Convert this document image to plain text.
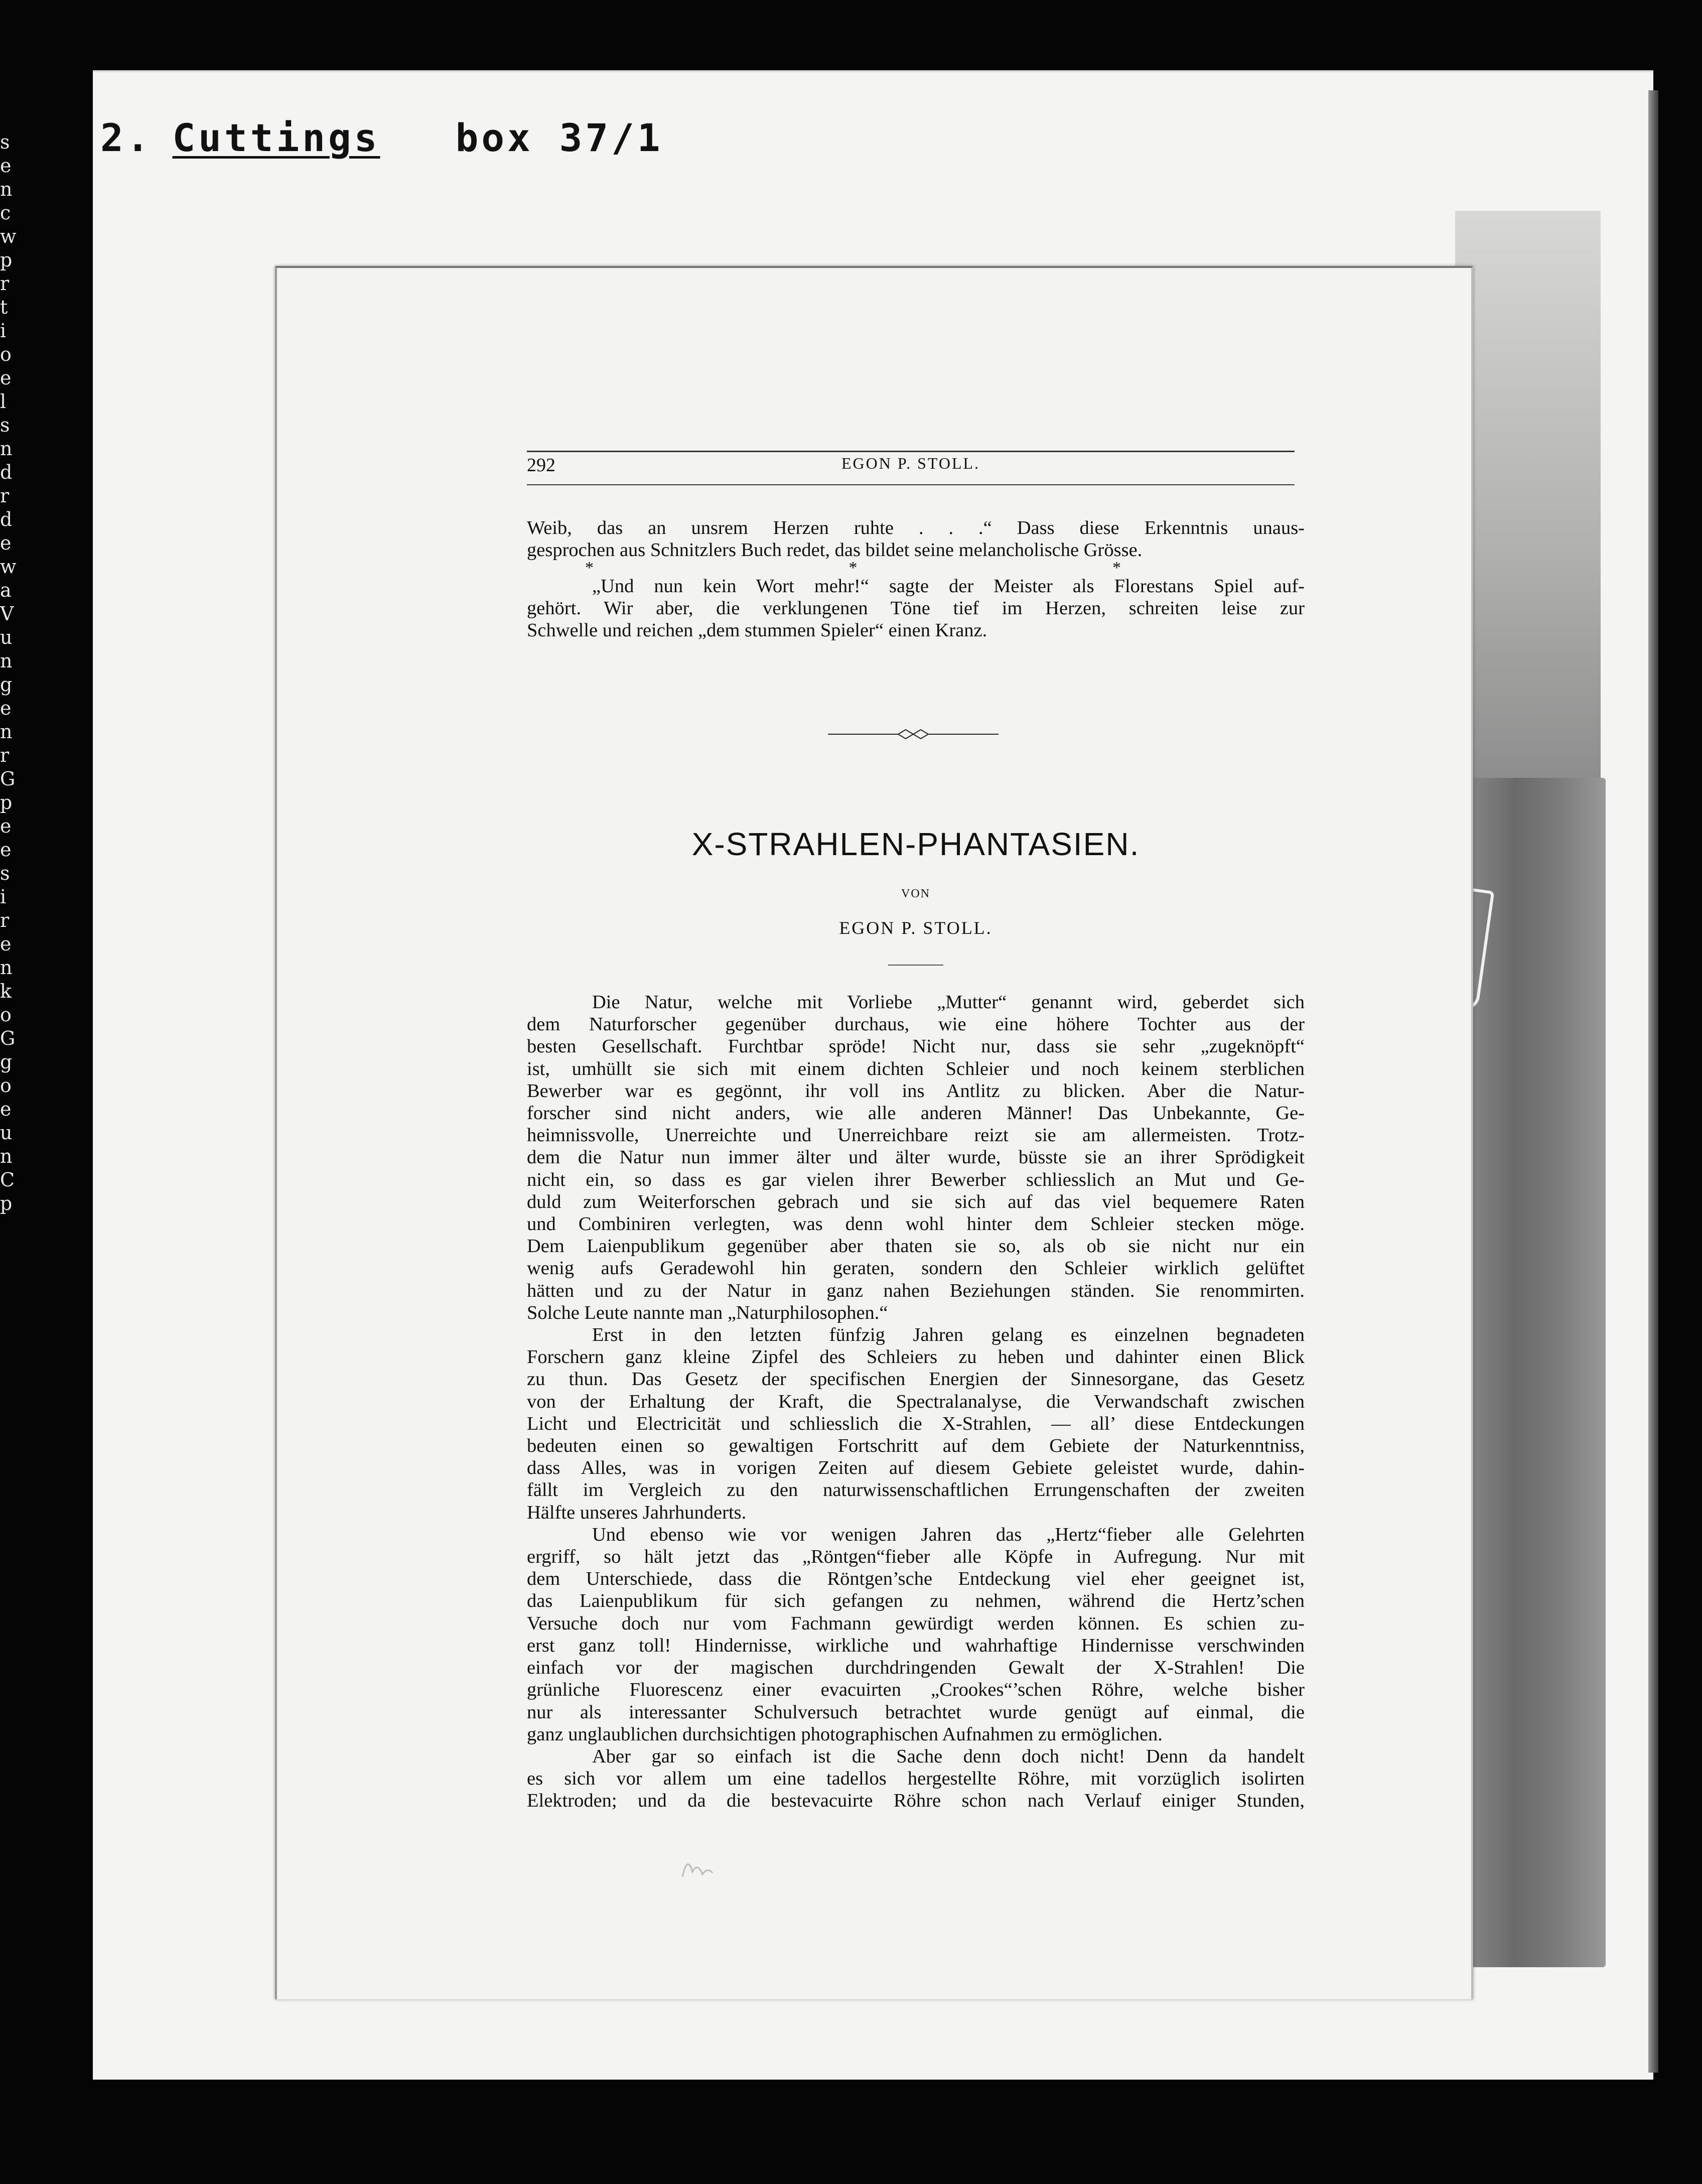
s
e
n
c
w
p
r
t
i
o
e
l
s
n
d
r
d
e
w
a
V
u
n
g
e
n
r
G
p
e
e
s
i
r
e
n
k
o
G
g
o
e
u
n
C
p
2. Cuttings box 37/1
292	EGON P. STOLL.
Weib, das an unsrem Herzen ruhte . . .“ Dass diese Erkenntnis unaus-
gesprochen aus Schnitzlers Buch redet, das bildet seine melancholische Grösse.
* * *
„Und nun kein Wort mehr!“ sagte der Meister als Florestans Spiel auf-
gehört. Wir aber, die verklungenen Töne tief im Herzen, schreiten leise zur
Schwelle und reichen „dem stummen Spieler“ einen Kranz.
X-STRAHLEN-PHANTASIEN.
VON
EGON P. STOLL.
Die Natur, welche mit Vorliebe „Mutter“ genannt wird, geberdet sich
dem Naturforscher gegenüber durchaus, wie eine höhere Tochter aus der
besten Gesellschaft. Furchtbar spröde! Nicht nur, dass sie sehr „zugeknöpft“
ist, umhüllt sie sich mit einem dichten Schleier und noch keinem sterblichen
Bewerber war es gegönnt, ihr voll ins Antlitz zu blicken. Aber die Natur-
forscher sind nicht anders, wie alle anderen Männer! Das Unbekannte, Ge-
heimnissvolle, Unerreichte und Unerreichbare reizt sie am allermeisten. Trotz-
dem die Natur nun immer älter und älter wurde, büsste sie an ihrer Sprödigkeit
nicht ein, so dass es gar vielen ihrer Bewerber schliesslich an Mut und Ge-
duld zum Weiterforschen gebrach und sie sich auf das viel bequemere Raten
und Combiniren verlegten, was denn wohl hinter dem Schleier stecken möge.
Dem Laienpublikum gegenüber aber thaten sie so, als ob sie nicht nur ein
wenig aufs Geradewohl hin geraten, sondern den Schleier wirklich gelüftet
hätten und zu der Natur in ganz nahen Beziehungen ständen. Sie renommirten.
Solche Leute nannte man „Naturphilosophen.“
Erst in den letzten fünfzig Jahren gelang es einzelnen begnadeten
Forschern ganz kleine Zipfel des Schleiers zu heben und dahinter einen Blick
zu thun. Das Gesetz der specifischen Energien der Sinnesorgane, das Gesetz
von der Erhaltung der Kraft, die Spectralanalyse, die Verwandschaft zwischen
Licht und Electricität und schliesslich die X-Strahlen, — all’ diese Entdeckungen
bedeuten einen so gewaltigen Fortschritt auf dem Gebiete der Naturkenntniss,
dass Alles, was in vorigen Zeiten auf diesem Gebiete geleistet wurde, dahin-
fällt im Vergleich zu den naturwissenschaftlichen Errungenschaften der zweiten
Hälfte unseres Jahrhunderts.
Und ebenso wie vor wenigen Jahren das „Hertz“fieber alle Gelehrten
ergriff, so hält jetzt das „Röntgen“fieber alle Köpfe in Aufregung. Nur mit
dem Unterschiede, dass die Röntgen’sche Entdeckung viel eher geeignet ist,
das Laienpublikum für sich gefangen zu nehmen, während die Hertz’schen
Versuche doch nur vom Fachmann gewürdigt werden können. Es schien zu-
erst ganz toll! Hindernisse, wirkliche und wahrhaftige Hindernisse verschwinden
einfach vor der magischen durchdringenden Gewalt der X-Strahlen! Die
grünliche Fluorescenz einer evacuirten „Crookes“’schen Röhre, welche bisher
nur als interessanter Schulversuch betrachtet wurde genügt auf einmal, die
ganz unglaublichen durchsichtigen photographischen Aufnahmen zu ermöglichen.
Aber gar so einfach ist die Sache denn doch nicht! Denn da handelt
es sich vor allem um eine tadellos hergestellte Röhre, mit vorzüglich isolirten
Elektroden; und da die bestevacuirte Röhre schon nach Verlauf einiger Stunden,
